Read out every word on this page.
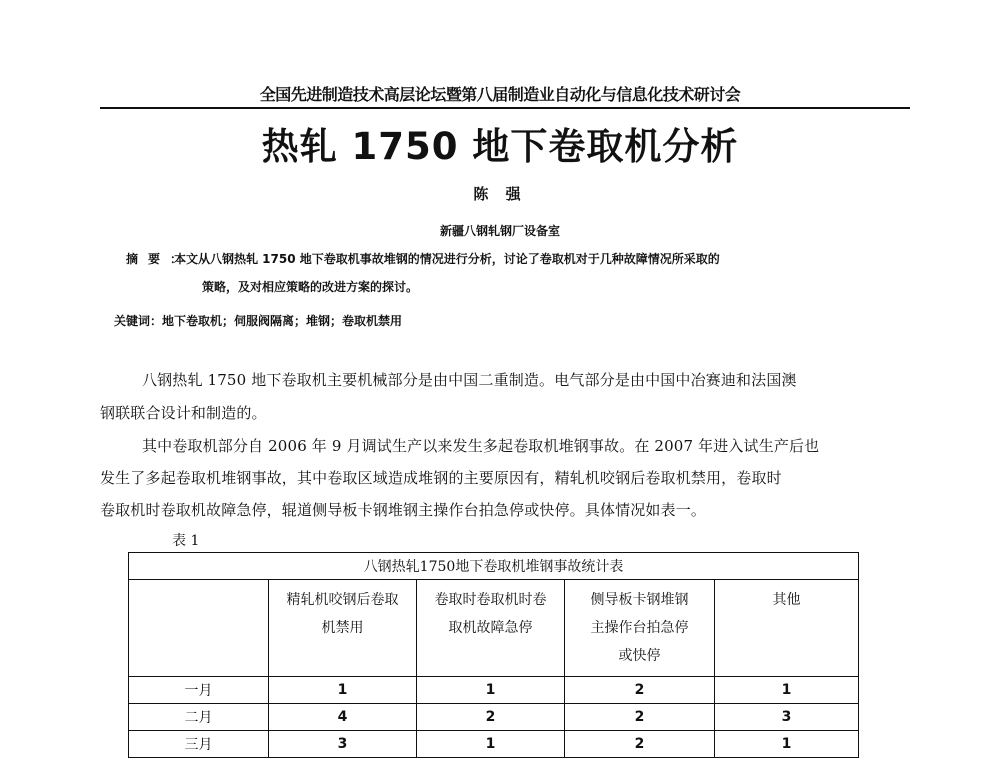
全国先进制造技术高层论坛暨第八届制造业自动化与信息化技术研讨会
热轧 1750 地下卷取机分析
陈 强
新疆八钢轧钢厂设备室
摘要：
本文从八钢热轧 1750 地下卷取机事故堆钢的情况进行分析，讨论了卷取机对于几种故障情况所采取的
策略，及对相应策略的改进方案的探讨。
关键词：地下卷取机；伺服阀隔离；堆钢；卷取机禁用
八钢热轧 1750 地下卷取机主要机械部分是由中国二重制造。电气部分是由中国中冶赛迪和法国澳
钢联联合设计和制造的。
其中卷取机部分自 2006 年 9 月调试生产以来发生多起卷取机堆钢事故。在 2007 年进入试生产后也
发生了多起卷取机堆钢事故，其中卷取区域造成堆钢的主要原因有，精轧机咬钢后卷取机禁用，卷取时
卷取机时卷取机故障急停，辊道侧导板卡钢堆钢主操作台拍急停或快停。具体情况如表一。
表 1
八钢热轧1750地下卷取机堆钢事故统计表				
	精轧机咬钢后卷取机禁用	卷取时卷取机时卷取机故障急停	侧导板卡钢堆钢主操作台拍急停或快停	其他
一月	1	1	2	1
二月	4	2	2	3
三月	3	1	2	1
